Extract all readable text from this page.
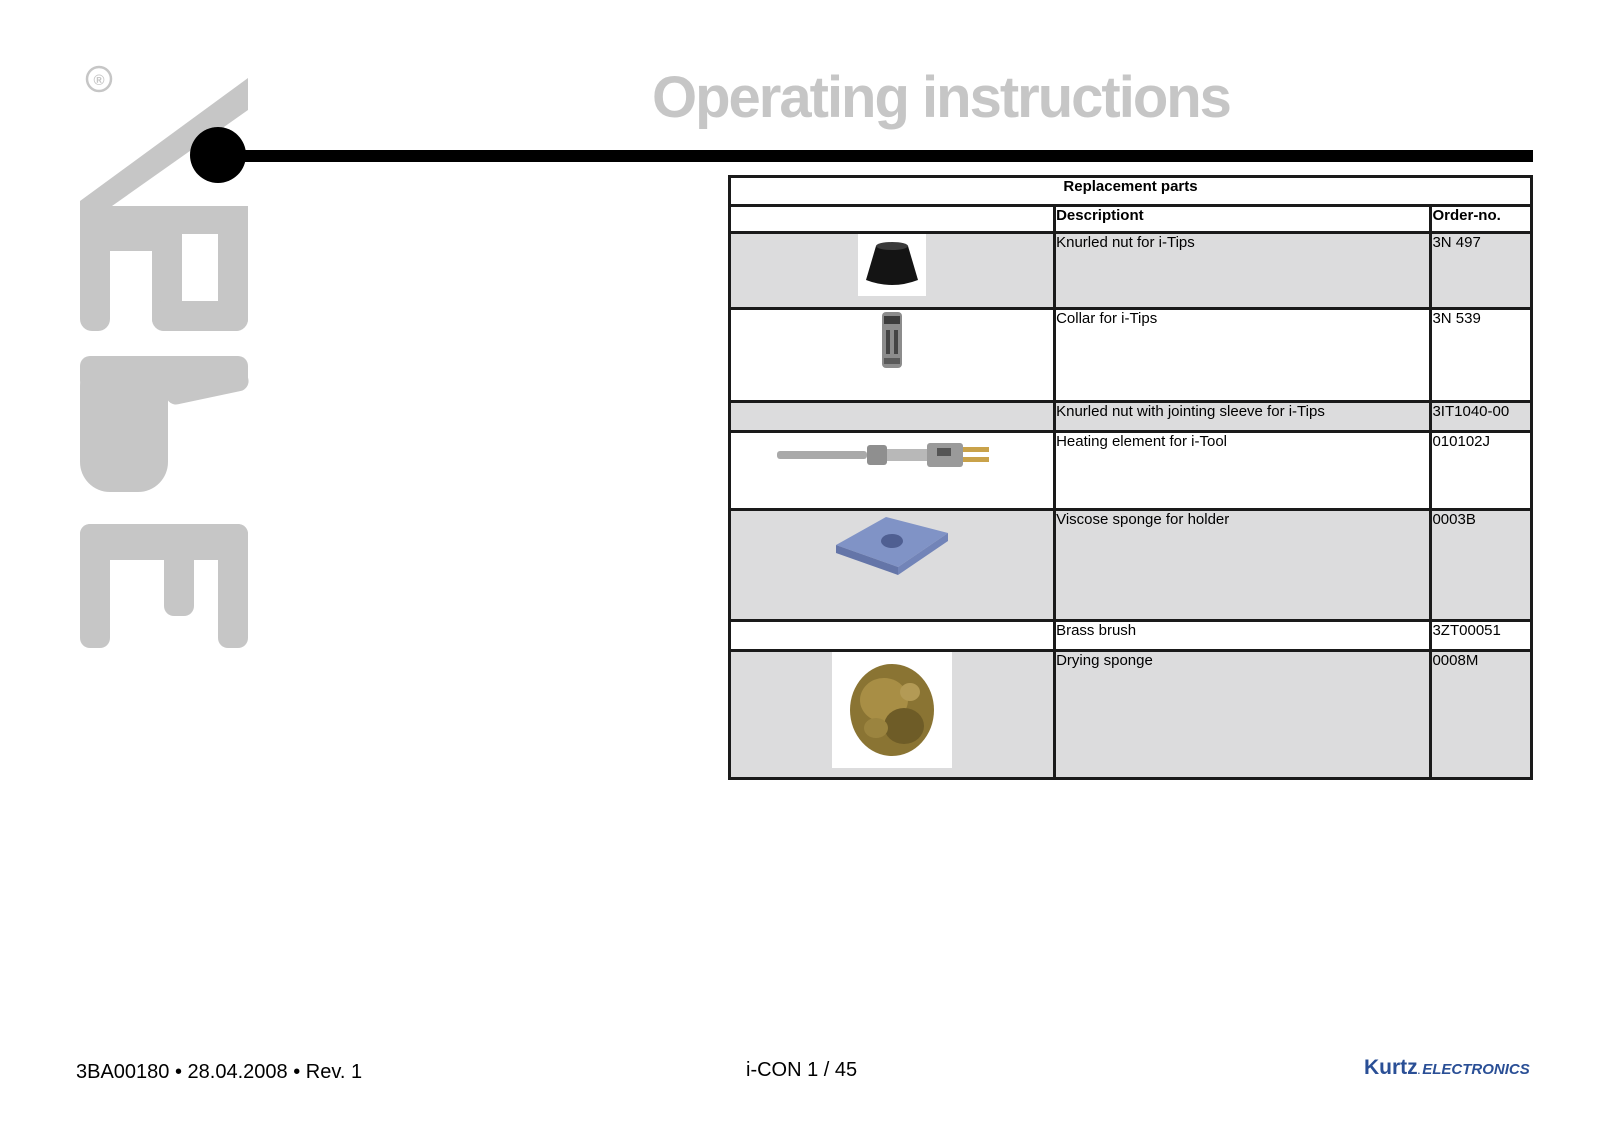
®	Operating instructions
Replacement parts		
	Descriptiont	Order-no.

	Knurled nut for i-Tips	3N 497

	Collar for i-Tips	3N 539
	Knurled nut with jointing sleeve for i-Tips	3IT1040-00

	Heating element for i-Tool	010102J

	Viscose sponge for holder	0003B
	Brass brush	3ZT00051

	Drying sponge	0008M
3BA00180 • 28.04.2008 • Rev. 1	i-CON 1 / 45	Kurtz. ELECTRONICS
